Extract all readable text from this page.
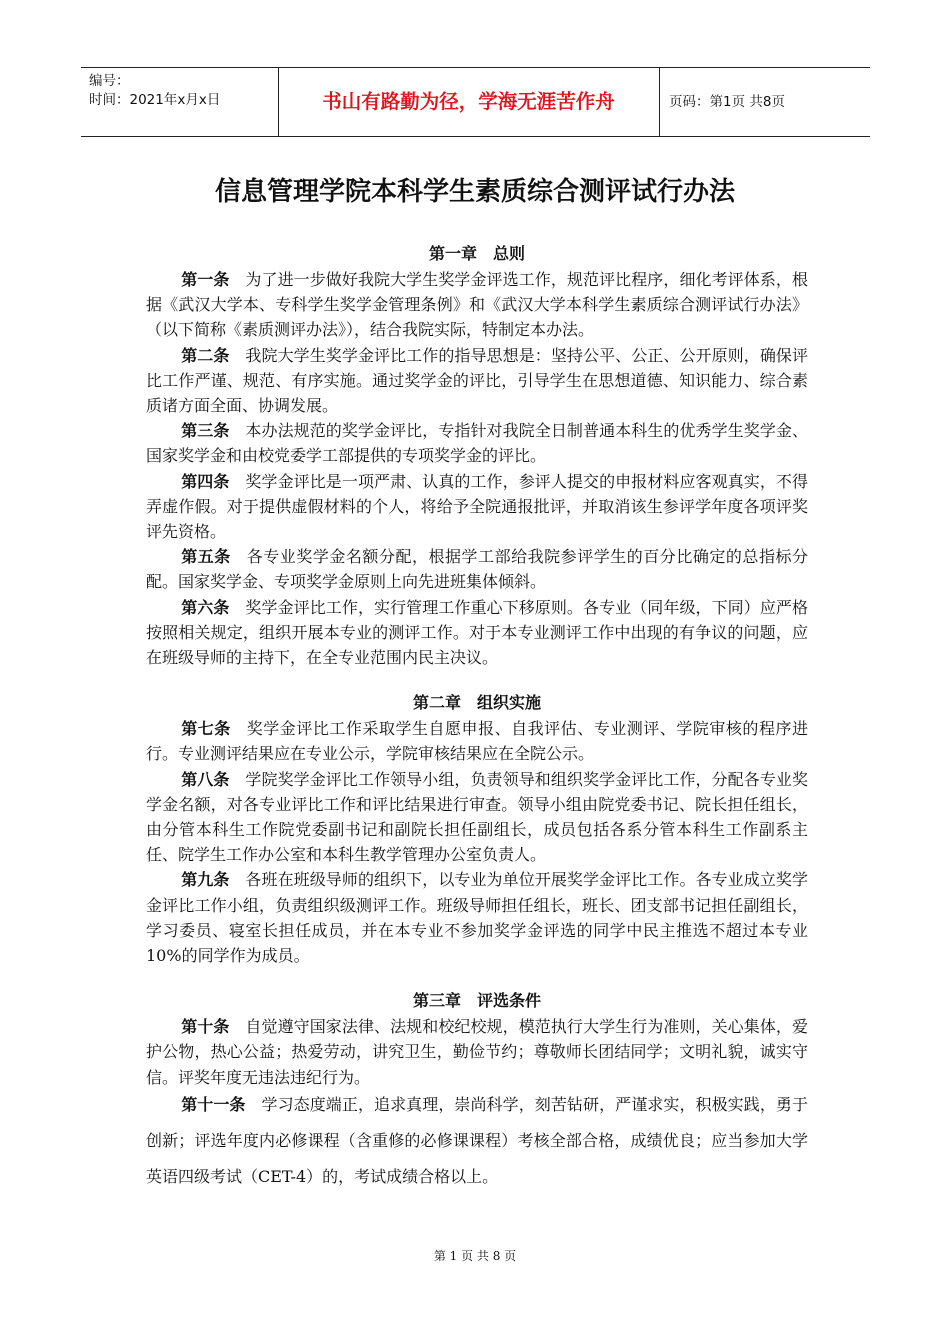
编号：
时间：2021年x月x日	书山有路勤为径，学海无涯苦作舟	页码：第1页 共8页
信息管理学院本科学生素质综合测评试行办法
第一章 总则

第一条 为了进一步做好我院大学生奖学金评选工作，规范评比程序，细化考评体系，根据《武汉大学本、专科学生奖学金管理条例》和《武汉大学本科学生素质综合测评试行办法》（以下简称《素质测评办法》），结合我院实际，特制定本办法。

第二条 我院大学生奖学金评比工作的指导思想是：坚持公平、公正、公开原则，确保评比工作严谨、规范、有序实施。通过奖学金的评比，引导学生在思想道德、知识能力、综合素质诸方面全面、协调发展。

第三条 本办法规范的奖学金评比，专指针对我院全日制普通本科生的优秀学生奖学金、国家奖学金和由校党委学工部提供的专项奖学金的评比。

第四条 奖学金评比是一项严肃、认真的工作，参评人提交的申报材料应客观真实，不得弄虚作假。对于提供虚假材料的个人，将给予全院通报批评，并取消该生参评学年度各项评奖评先资格。

第五条 各专业奖学金名额分配，根据学工部给我院参评学生的百分比确定的总指标分配。国家奖学金、专项奖学金原则上向先进班集体倾斜。

第六条 奖学金评比工作，实行管理工作重心下移原则。各专业（同年级，下同）应严格按照相关规定，组织开展本专业的测评工作。对于本专业测评工作中出现的有争议的问题，应在班级导师的主持下，在全专业范围内民主决议。

第二章 组织实施

第七条 奖学金评比工作采取学生自愿申报、自我评估、专业测评、学院审核的程序进行。专业测评结果应在专业公示，学院审核结果应在全院公示。

第八条 学院奖学金评比工作领导小组，负责领导和组织奖学金评比工作，分配各专业奖学金名额，对各专业评比工作和评比结果进行审查。领导小组由院党委书记、院长担任组长，由分管本科生工作院党委副书记和副院长担任副组长，成员包括各系分管本科生工作副系主任、院学生工作办公室和本科生教学管理办公室负责人。

第九条 各班在班级导师的组织下，以专业为单位开展奖学金评比工作。各专业成立奖学金评比工作小组，负责组织级测评工作。班级导师担任组长，班长、团支部书记担任副组长，学习委员、寝室长担任成员，并在本专业不参加奖学金评选的同学中民主推选不超过本专业10%的同学作为成员。

第三章 评选条件

第十条 自觉遵守国家法律、法规和校纪校规，模范执行大学生行为准则，关心集体，爱护公物，热心公益；热爱劳动，讲究卫生，勤俭节约；尊敬师长团结同学；文明礼貌，诚实守信。评奖年度无违法违纪行为。

第十一条 学习态度端正，追求真理，崇尚科学，刻苦钻研，严谨求实，积极实践，勇于创新；评选年度内必修课程（含重修的必修课课程）考核全部合格，成绩优良；应当参加大学英语四级考试（CET-4）的，考试成绩合格以上。

第 1 页 共 8 页
